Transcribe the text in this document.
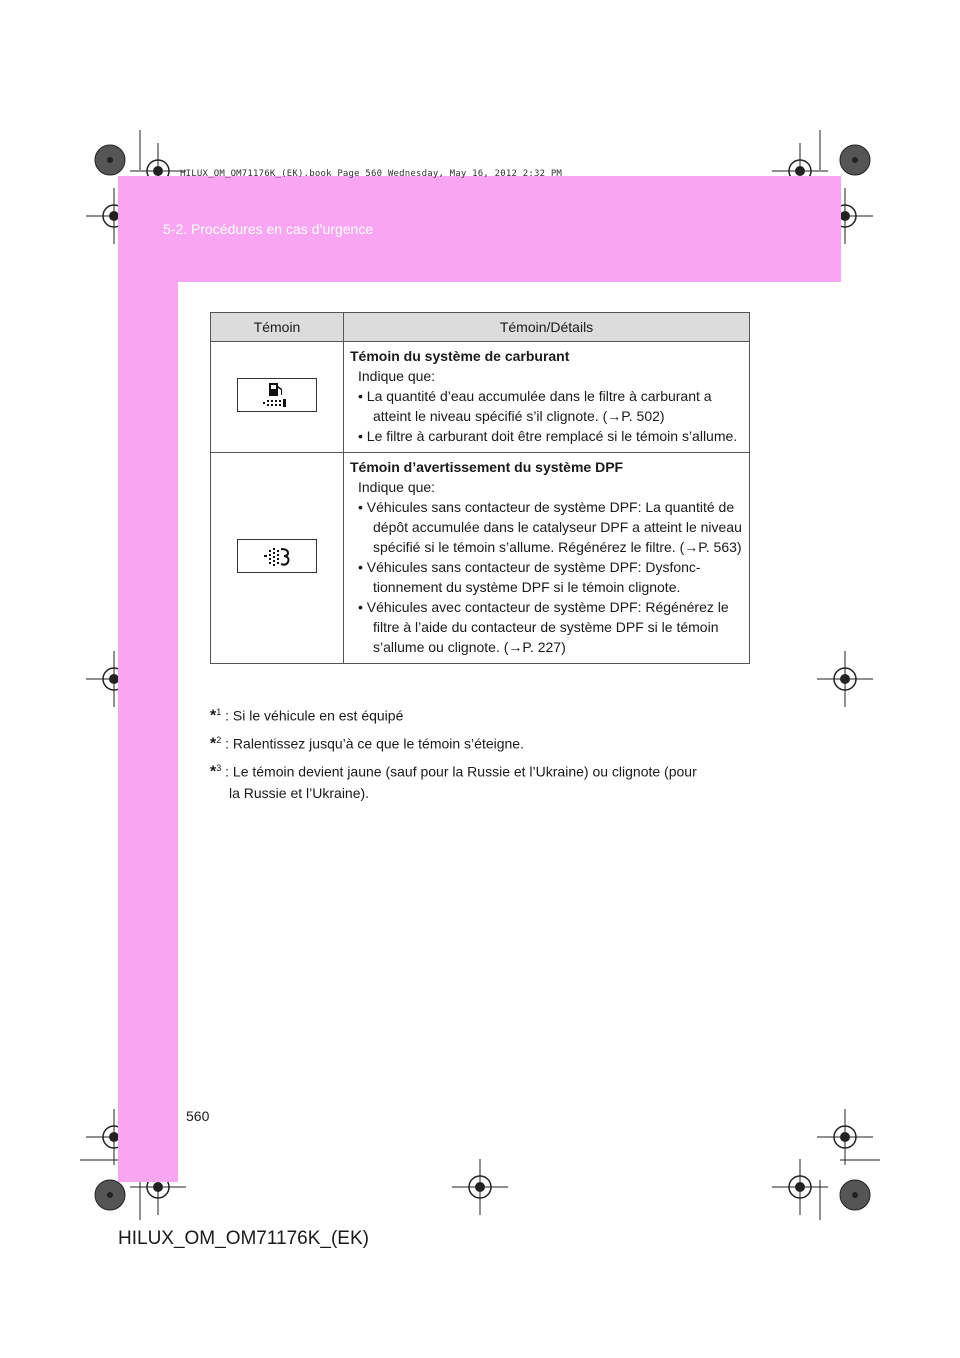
HILUX_OM_OM71176K_(EK).book Page 560 Wednesday, May 16, 2012 2:32 PM
5-2. Procédures en cas d’urgence
Témoin	Témoin/Détails

Témoin du système de carburant
Indique que:
• La quantité d’eau accumulée dans le filtre à carburant a atteint le niveau spécifié s’il clignote. (→P. 502)
• Le filtre à carburant doit être remplacé si le témoin s’allume.

Témoin d’avertissement du système DPF
Indique que:
• Véhicules sans contacteur de système DPF: La quantité de dépôt accumulée dans le catalyseur DPF a atteint le niveau spécifié si le témoin s’allume. Régénérez le filtre. (→P. 563)
• Véhicules sans contacteur de système DPF: Dysfonc-tionnement du système DPF si le témoin clignote.
• Véhicules avec contacteur de système DPF: Régénérez le filtre à l’aide du contacteur de système DPF si le témoin s’allume ou clignote. (→P. 227)
*$^1$ : Si le véhicule en est équipé
*$^2$ : Ralentissez jusqu’à ce que le témoin s’éteigne.
*$^3$ : Le témoin devient jaune (sauf pour la Russie et l’Ukraine) ou clignote (pour
la Russie et l’Ukraine).
560
HILUX_OM_OM71176K_(EK)
